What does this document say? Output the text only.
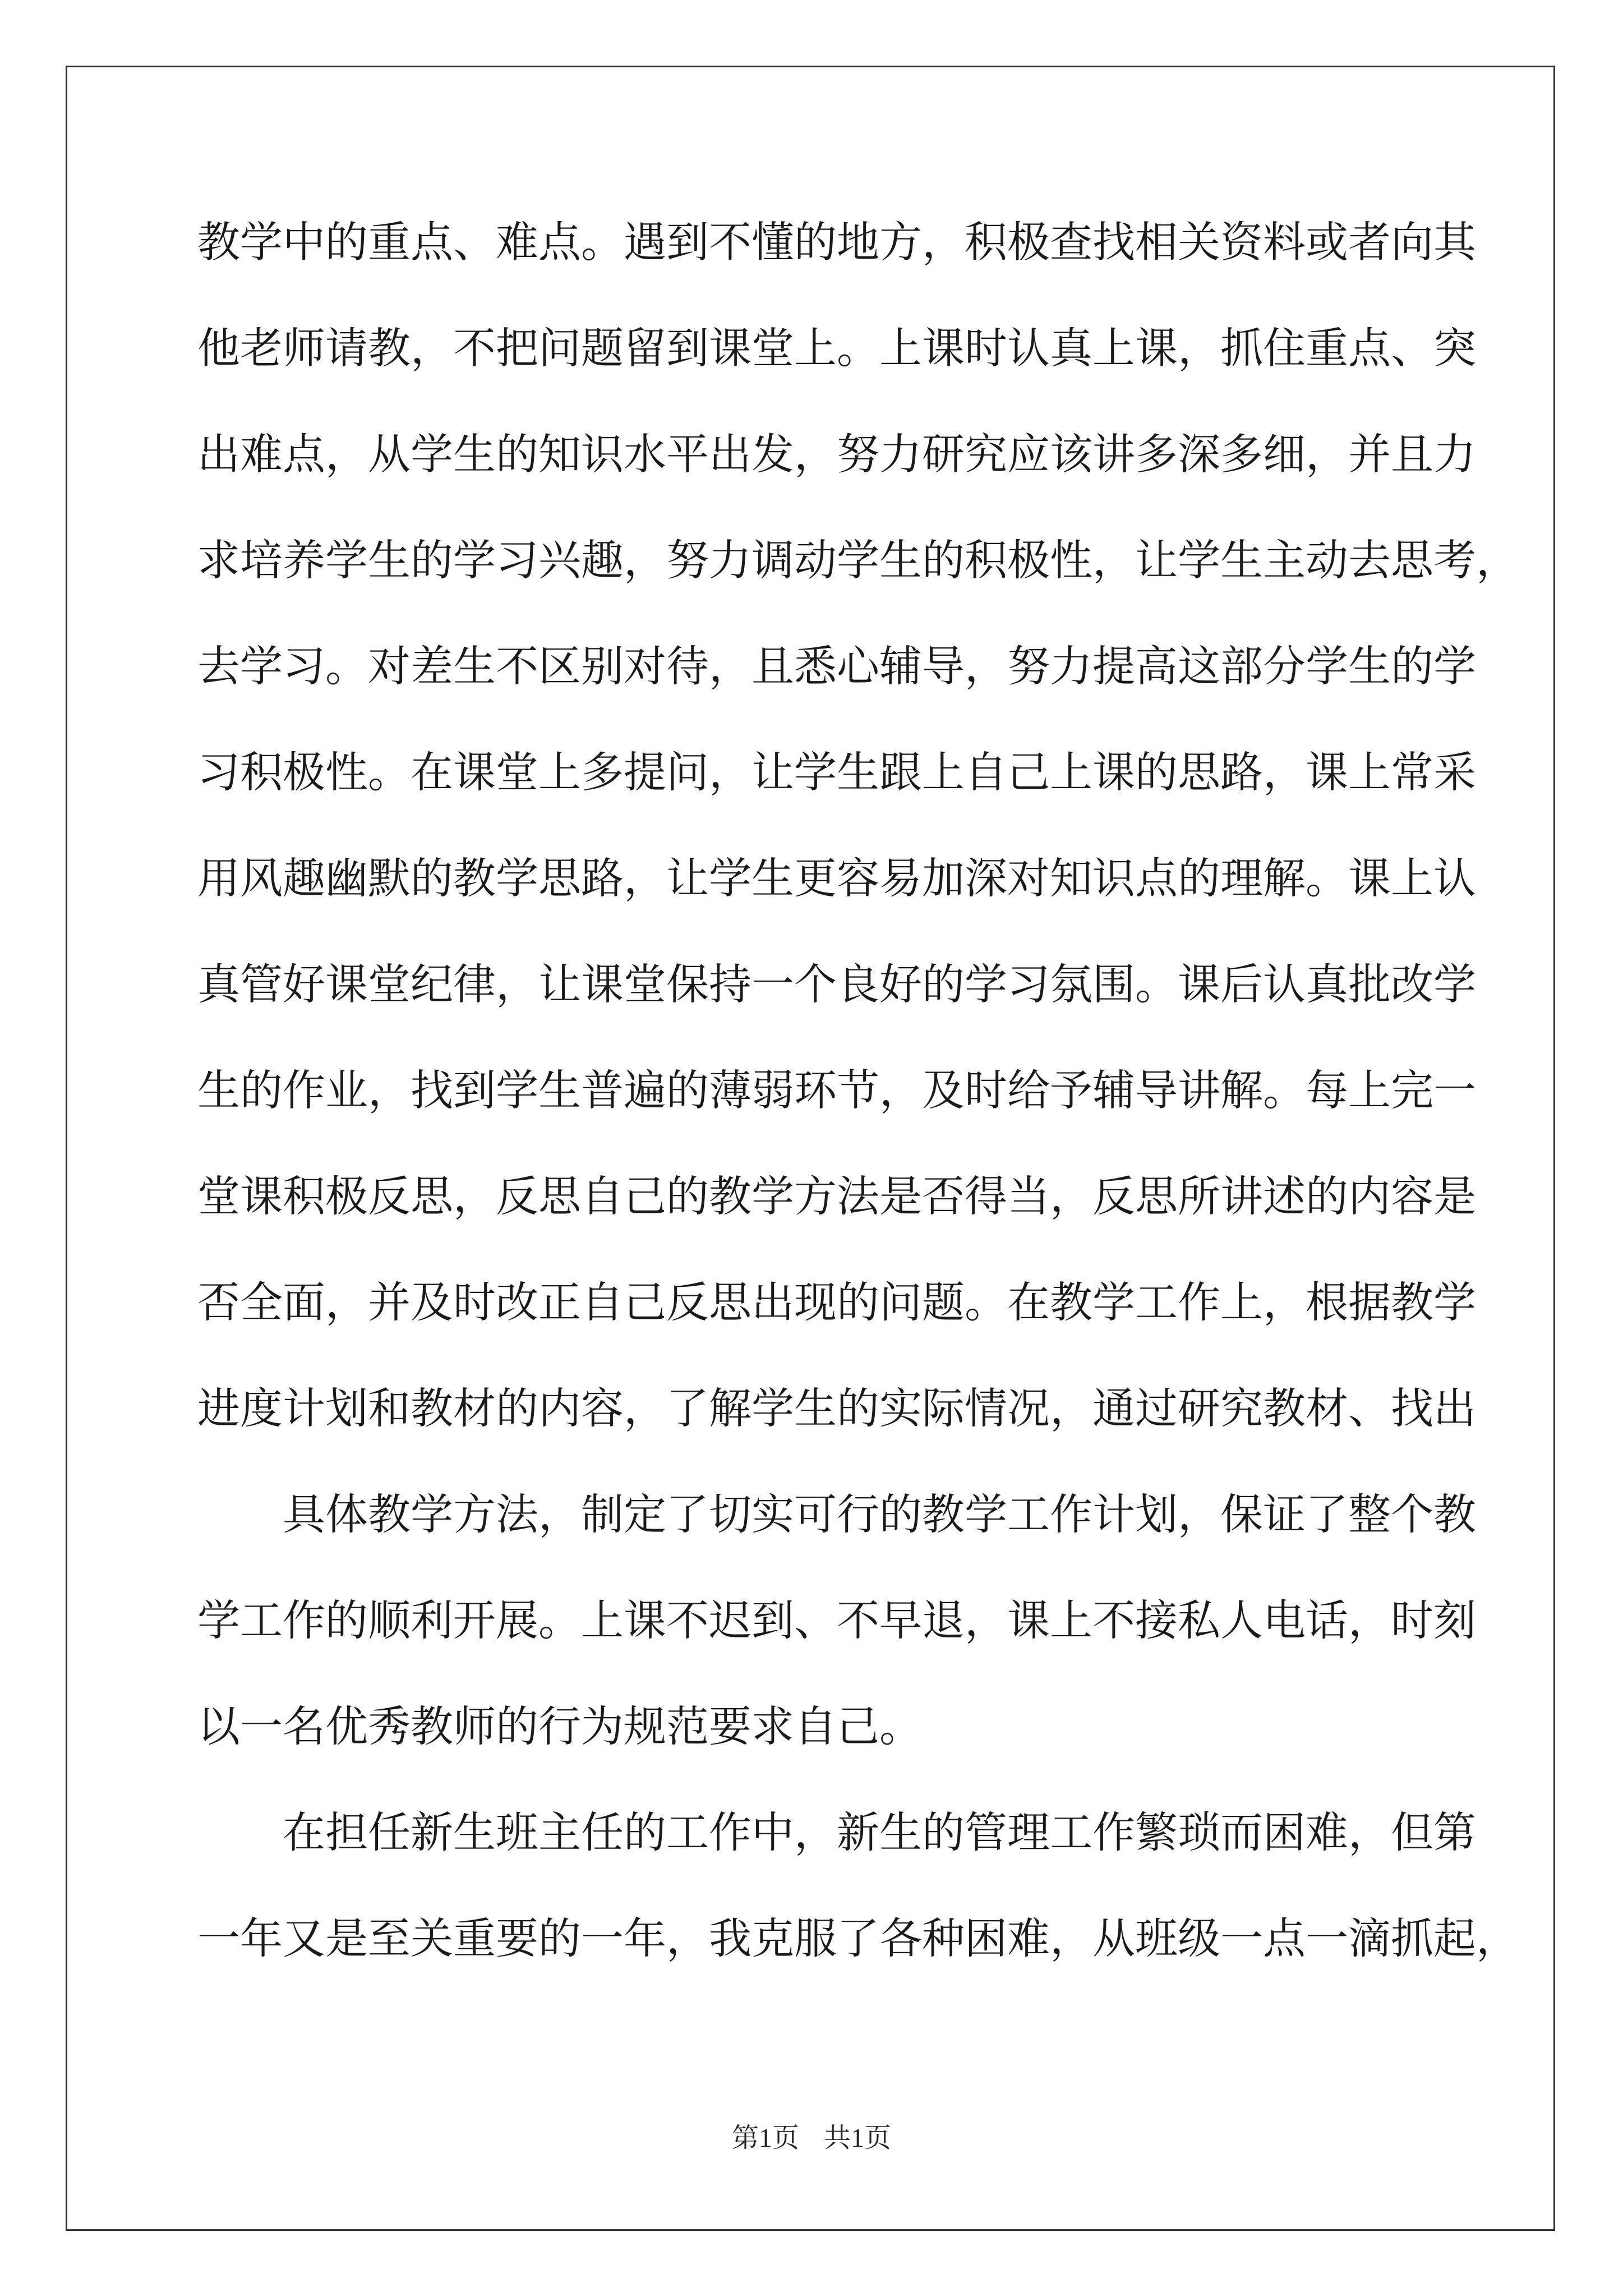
教学中的重点、难点。遇到不懂的地方，积极查找相关资料或者向其
他老师请教，不把问题留到课堂上。上课时认真上课，抓住重点、突
出难点，从学生的知识水平出发，努力研究应该讲多深多细，并且力
求培养学生的学习兴趣，努力调动学生的积极性，让学生主动去思考，
去学习。对差生不区别对待，且悉心辅导，努力提高这部分学生的学
习积极性。在课堂上多提问，让学生跟上自己上课的思路，课上常采
用风趣幽默的教学思路，让学生更容易加深对知识点的理解。课上认
真管好课堂纪律，让课堂保持一个良好的学习氛围。课后认真批改学
生的作业，找到学生普遍的薄弱环节，及时给予辅导讲解。每上完一
堂课积极反思，反思自己的教学方法是否得当，反思所讲述的内容是
否全面，并及时改正自己反思出现的问题。在教学工作上，根据教学
进度计划和教材的内容，了解学生的实际情况，通过研究教材、找出
具体教学方法，制定了切实可行的教学工作计划，保证了整个教
学工作的顺利开展。上课不迟到、不早退，课上不接私人电话，时刻
以一名优秀教师的行为规范要求自己。
在担任新生班主任的工作中，新生的管理工作繁琐而困难，但第
一年又是至关重要的一年，我克服了各种困难，从班级一点一滴抓起，
第1页 共1页
